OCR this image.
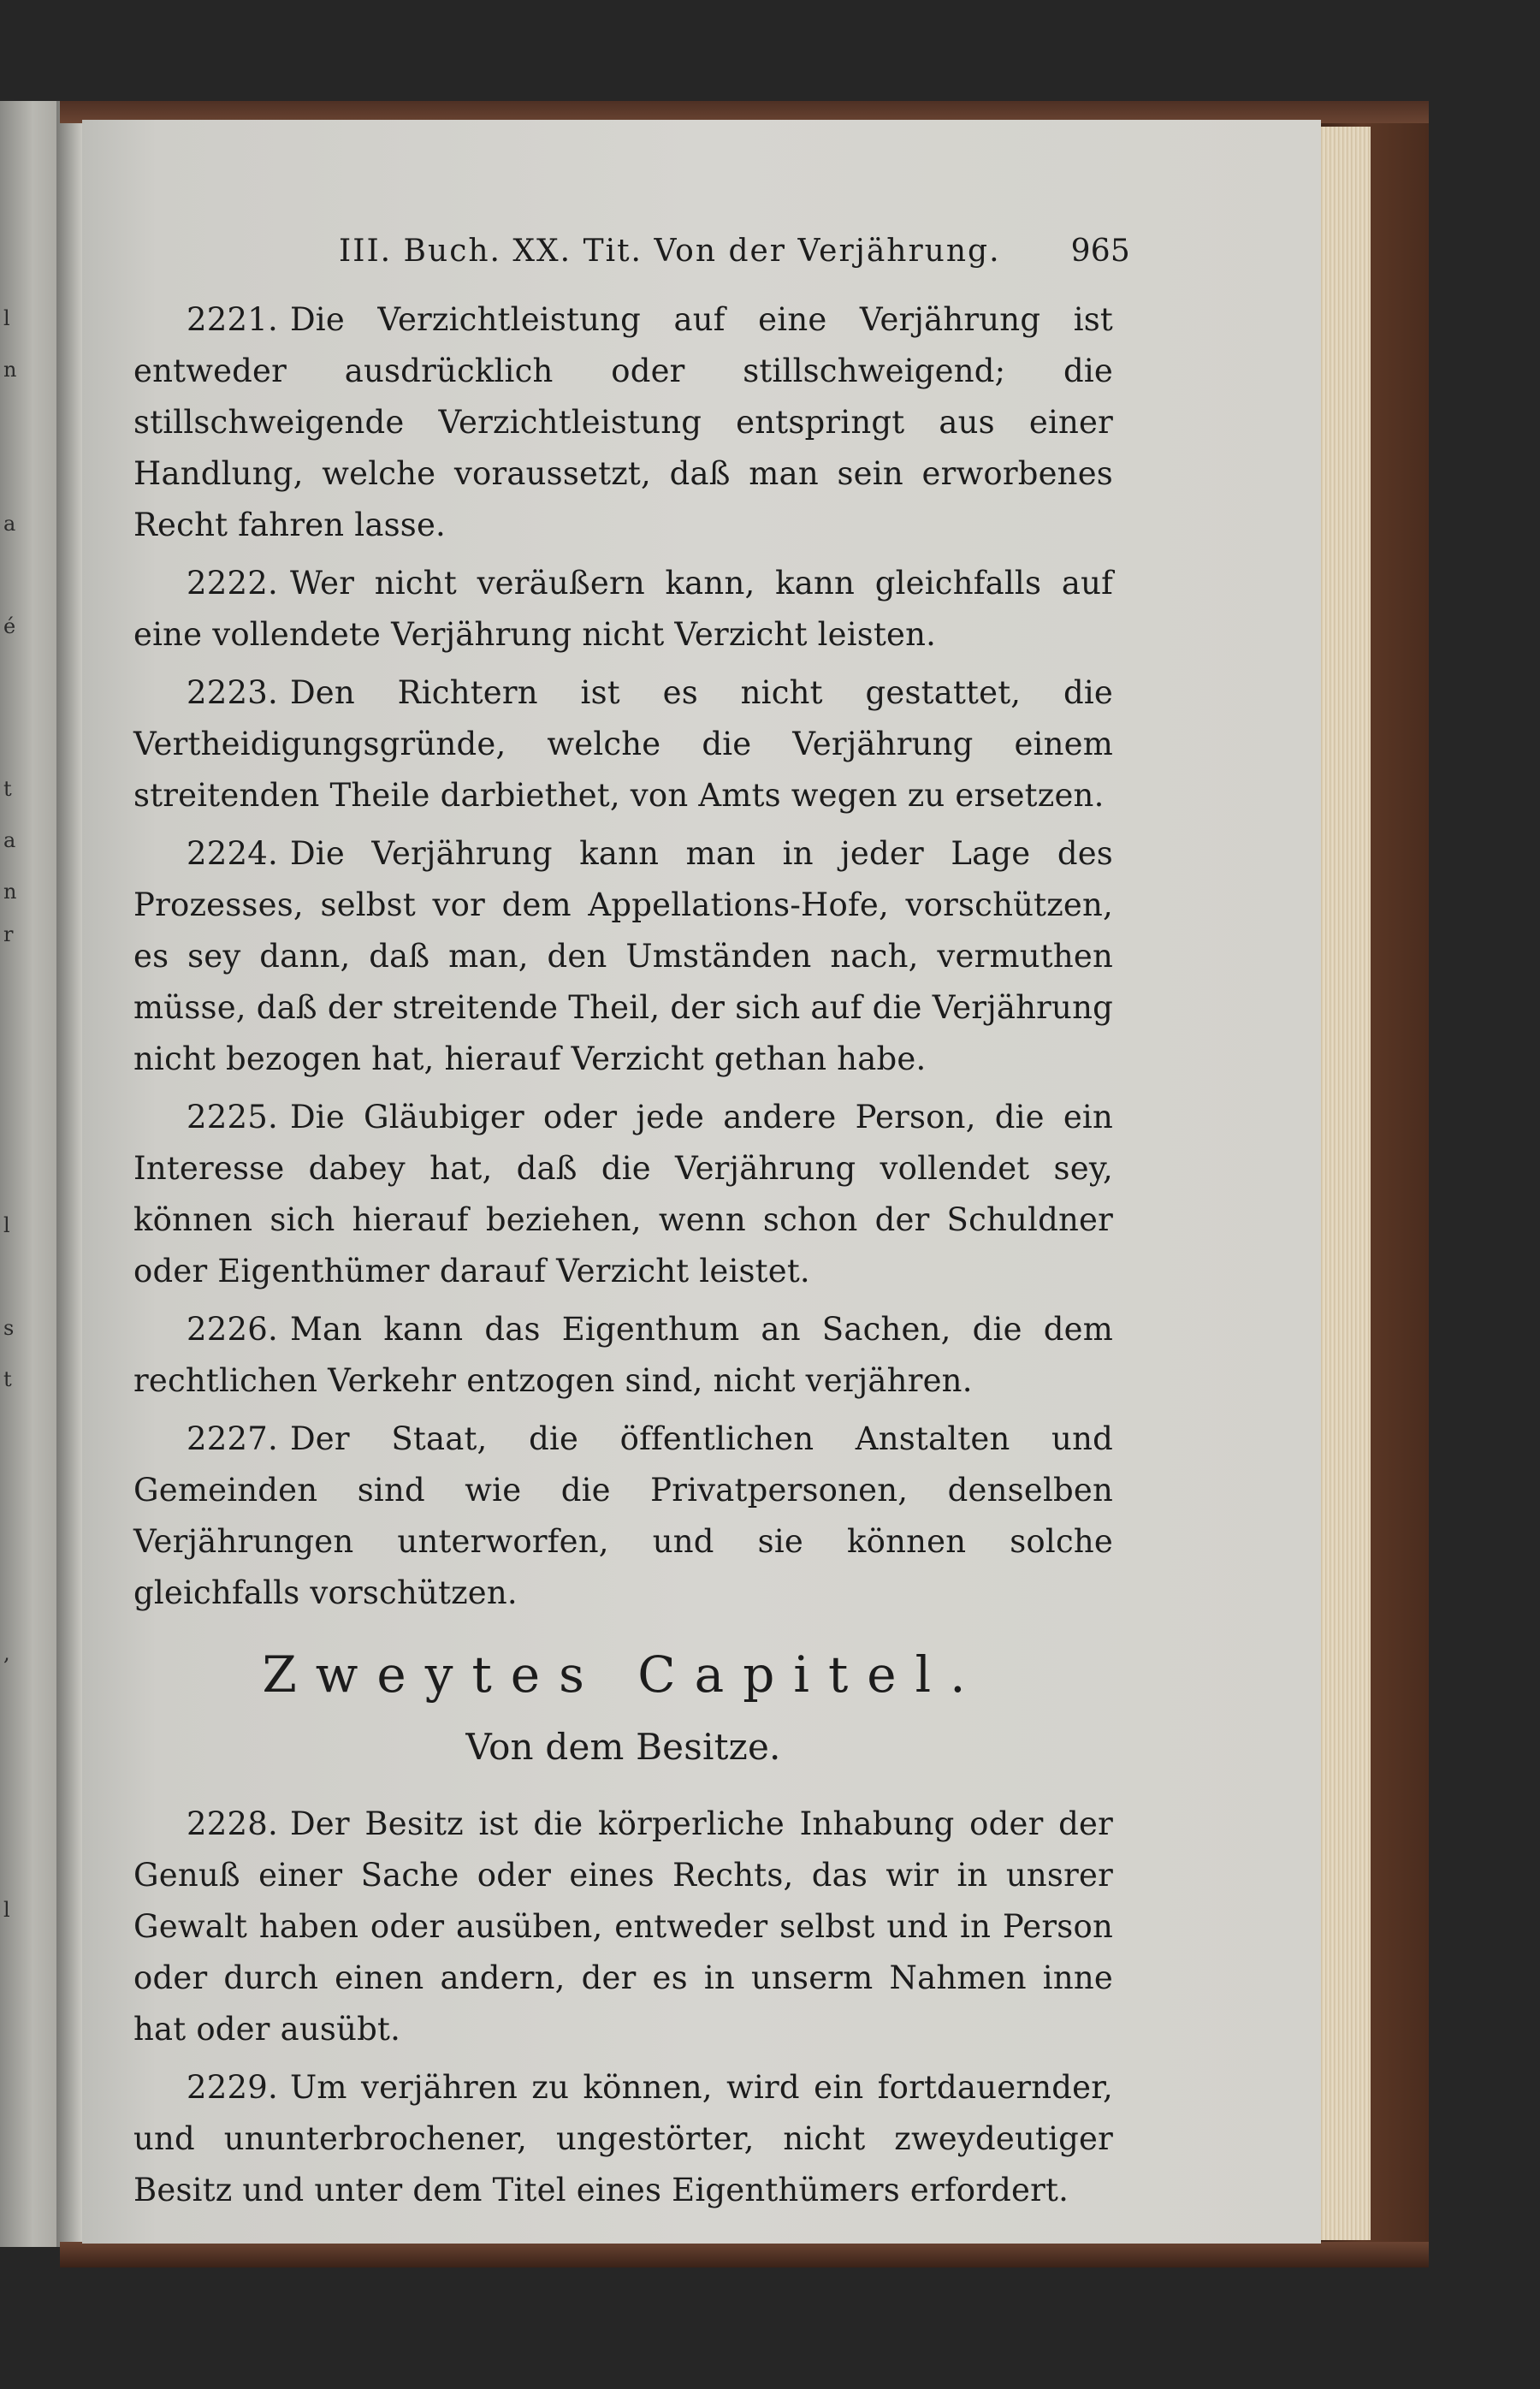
l
n
a
é
t
a
n
r
l
s
t
,
l
III. Buch. XX. Tit. Von der Verjährung. 965

2221. Die Verzichtleistung auf eine Verjährung ist entweder ausdrücklich oder stillschweigend; die stillschweigende Verzichtleistung entspringt aus einer Handlung, welche voraussetzt, daß man sein erworbenes Recht fahren lasse.

2222. Wer nicht veräußern kann, kann gleichfalls auf eine vollendete Verjährung nicht Verzicht leisten.

2223. Den Richtern ist es nicht gestattet, die Vertheidigungsgründe, welche die Verjährung einem streitenden Theile darbiethet, von Amts wegen zu ersetzen.

2224. Die Verjährung kann man in jeder Lage des Prozesses, selbst vor dem Appellations-Hofe, vorschützen, es sey dann, daß man, den Umständen nach, vermuthen müsse, daß der streitende Theil, der sich auf die Verjährung nicht bezogen hat, hierauf Verzicht gethan habe.

2225. Die Gläubiger oder jede andere Person, die ein Interesse dabey hat, daß die Verjährung vollendet sey, können sich hierauf beziehen, wenn schon der Schuldner oder Eigenthümer darauf Verzicht leistet.

2226. Man kann das Eigenthum an Sachen, die dem rechtlichen Verkehr entzogen sind, nicht verjähren.

2227. Der Staat, die öffentlichen Anstalten und Gemeinden sind wie die Privatpersonen, denselben Verjährungen unterworfen, und sie können solche gleichfalls vorschützen.

Zweytes Capitel.
Von dem Besitze.

2228. Der Besitz ist die körperliche Inhabung oder der Genuß einer Sache oder eines Rechts, das wir in unsrer Gewalt haben oder ausüben, entweder selbst und in Person oder durch einen andern, der es in unserm Nahmen inne hat oder ausübt.

2229. Um verjähren zu können, wird ein fortdauernder, und ununterbrochener, ungestörter, nicht zweydeutiger Besitz und unter dem Titel eines Eigenthümers erfordert.
